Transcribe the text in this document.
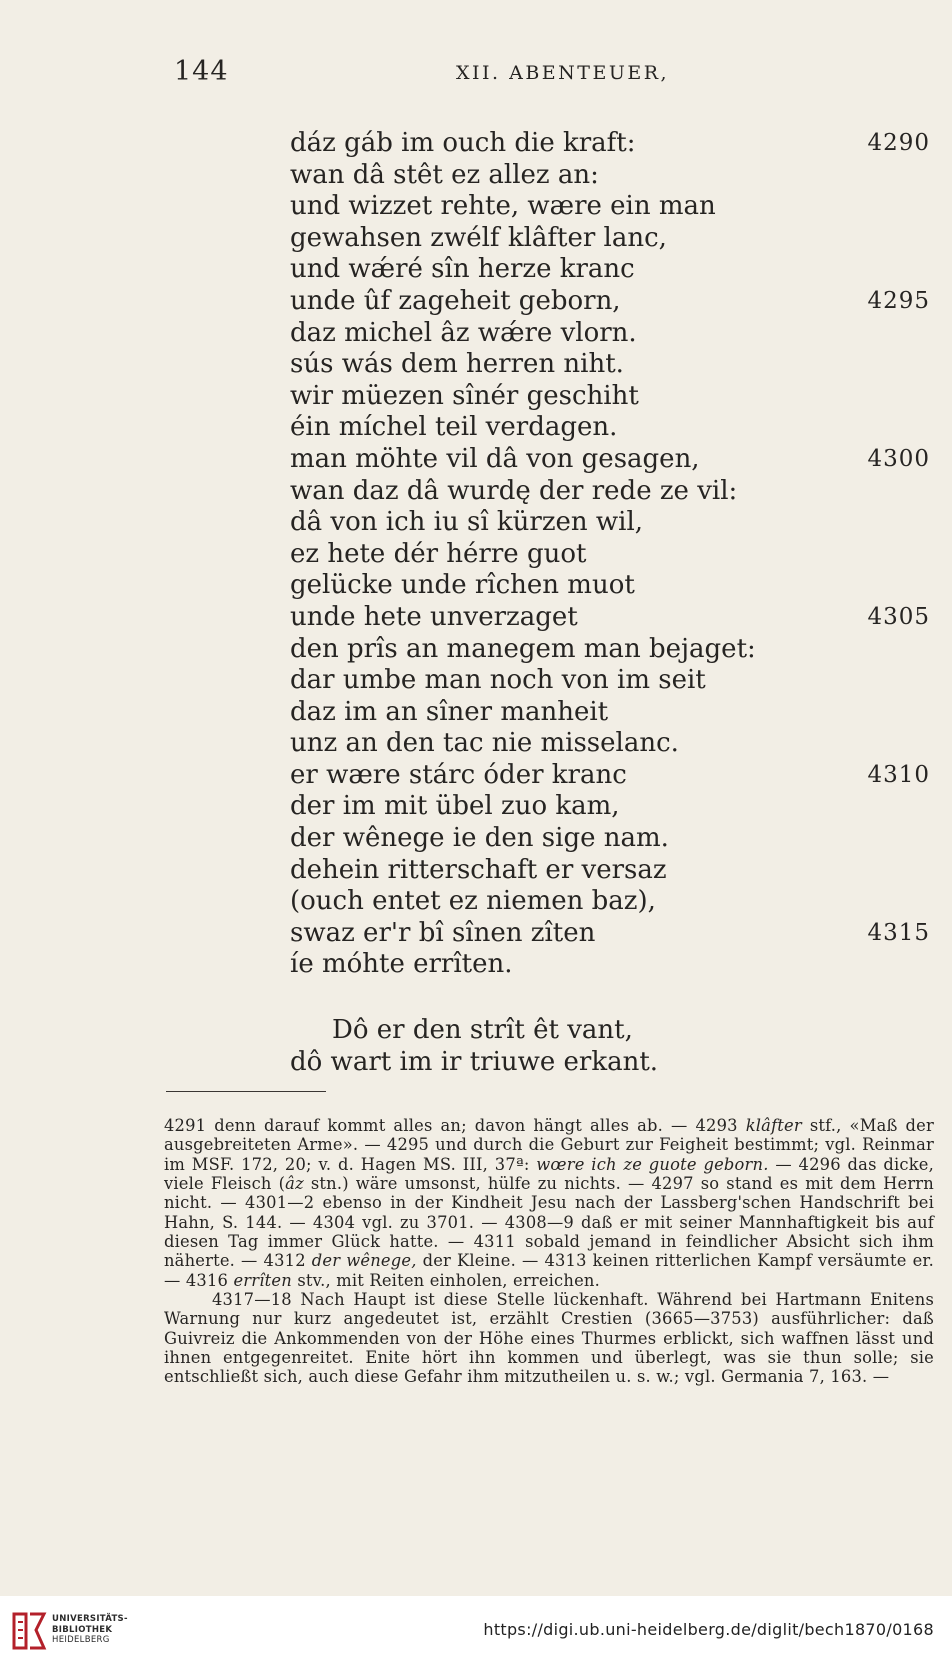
144	XII. ABENTEUER,
dáz gáb im ouch die kraft:	4290
wan dâ stêt ez allez an:
und wizzet rehte, wære ein man
gewahsen zwélf klâfter lanc,
und wǽré sîn herze kranc
unde ûf zageheit geborn,	4295
daz michel âz wǽre vlorn.
sús wás dem herren niht.
wir müezen sînér geschiht
éin míchel teil verdagen.
man möhte vil dâ von gesagen,	4300
wan daz dâ wurdę der rede ze vil:
dâ von ich iu sî kürzen wil,
ez hete dér hérre guot
gelücke unde rîchen muot
unde hete unverzaget	4305
den prîs an manegem man bejaget:
dar umbe man noch von im seit
daz im an sîner manheit
unz an den tac nie misselanc.
er wære stárc óder kranc	4310
der im mit übel zuo kam,
der wênege ie den sige nam.
dehein ritterschaft er versaz
(ouch entet ez niemen baz),
swaz er'r bî sînen zîten	4315
íe móhte errîten.
Dô er den strît êt vant,
dô wart im ir triuwe erkant.

4291 denn darauf kommt alles an; davon hängt alles ab. — 4293 klâfter stf., «Maß der ausgebreiteten Arme». — 4295 und durch die Geburt zur Feigheit bestimmt; vgl. Reinmar im MSF. 172, 20; v. d. Hagen MS. III, 37ª: wœre ich ze guote geborn. — 4296 das dicke, viele Fleisch (âz stn.) wäre umsonst, hülfe zu nichts. — 4297 so stand es mit dem Herrn nicht. — 4301—2 ebenso in der Kindheit Jesu nach der Lassberg'schen Handschrift bei Hahn, S. 144. — 4304 vgl. zu 3701. — 4308—9 daß er mit seiner Mannhaftigkeit bis auf diesen Tag immer Glück hatte. — 4311 sobald jemand in feindlicher Absicht sich ihm näherte. — 4312 der wênege, der Kleine. — 4313 keinen ritterlichen Kampf versäumte er. — 4316 errîten stv., mit Reiten einholen, erreichen.

4317—18 Nach Haupt ist diese Stelle lückenhaft. Während bei Hartmann Enitens Warnung nur kurz angedeutet ist, erzählt Crestien (3665—3753) ausführlicher: daß Guivreiz die Ankommenden von der Höhe eines Thurmes erblickt, sich waffnen lässt und ihnen entgegenreitet. Enite hört ihn kommen und überlegt, was sie thun solle; sie entschließt sich, auch diese Gefahr ihm mitzutheilen u. s. w.; vgl. Germania 7, 163. —

UNIVERSITÄTS-
BIBLIOTHEK
HEIDELBERG
https://digi.ub.uni-heidelberg.de/diglit/bech1870/0168
